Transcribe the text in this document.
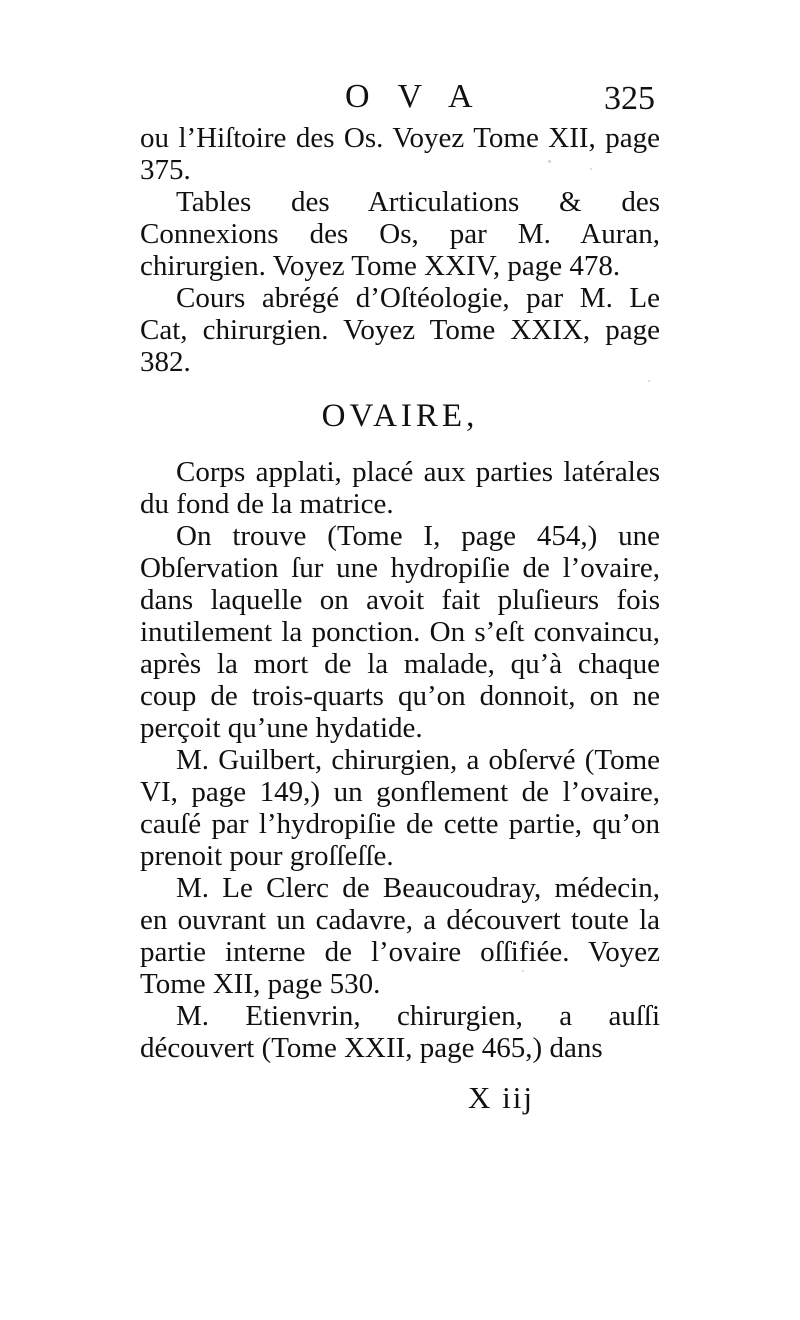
O V A	325

ou l’Hiſtoire des Os. Voyez Tome XII, page 375.

Tables des Articulations & des Connexions des Os, par M. Auran, chirurgien. Voyez Tome XXIV, page 478.

Cours abrégé d’Oſtéologie, par M. Le Cat, chirurgien. Voyez Tome XXIX, page 382.

OVAIRE,

Corps applati, placé aux parties latérales du fond de la matrice.

On trouve (Tome I, page 454,) une Obſervation ſur une hydropiſie de l’ovaire, dans laquelle on avoit fait pluſieurs fois inutilement la ponction. On s’eſt convaincu, après la mort de la malade, qu’à chaque coup de trois-quarts qu’on donnoit, on ne perçoit qu’une hydatide.

M. Guilbert, chirurgien, a obſervé (Tome VI, page 149,) un gonflement de l’ovaire, cauſé par l’hydropiſie de cette partie, qu’on prenoit pour groſſeſſe.

M. Le Clerc de Beaucoudray, médecin, en ouvrant un cadavre, a découvert toute la partie interne de l’ovaire oſſifiée. Voyez Tome XII, page 530.

M. Etienvrin, chirurgien, a auſſi découvert (Tome XXII, page 465,) dans

X iij
